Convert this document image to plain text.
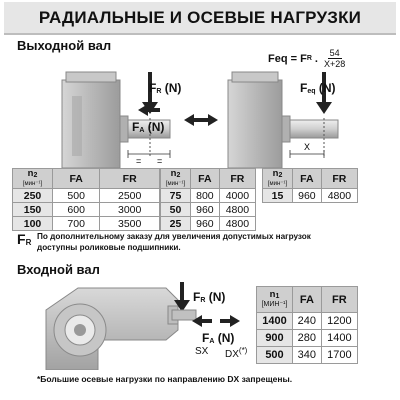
РАДИАЛЬНЫЕ И ОСЕВЫЕ НАГРУЗКИ
Выходной вал
Feq = F R . $\frac{54}{X+28}$
= =
FR (N)
FA (N)
X
Feq (N)
n2
[мин⁻¹]	FA	FR
250	500	2500
150	600	3000
100	700	3500
n2
[мин⁻¹]	FA	FR
75	800	4000
50	960	4800
25	960	4800
n2
[мин⁻¹]	FA	FR
15	960	4800
FR
По дополнительному заказу для увеличения допустимых нагрузок
доступны роликовые подшипники.
Входной вал
FR (N)
FA (N)
SX DX(*)
n1
[МИН⁻¹]	FA	FR
1400	240	1200
900	280	1400
500	340	1700
*Большие осевые нагрузки по направлению DX запрещены.
